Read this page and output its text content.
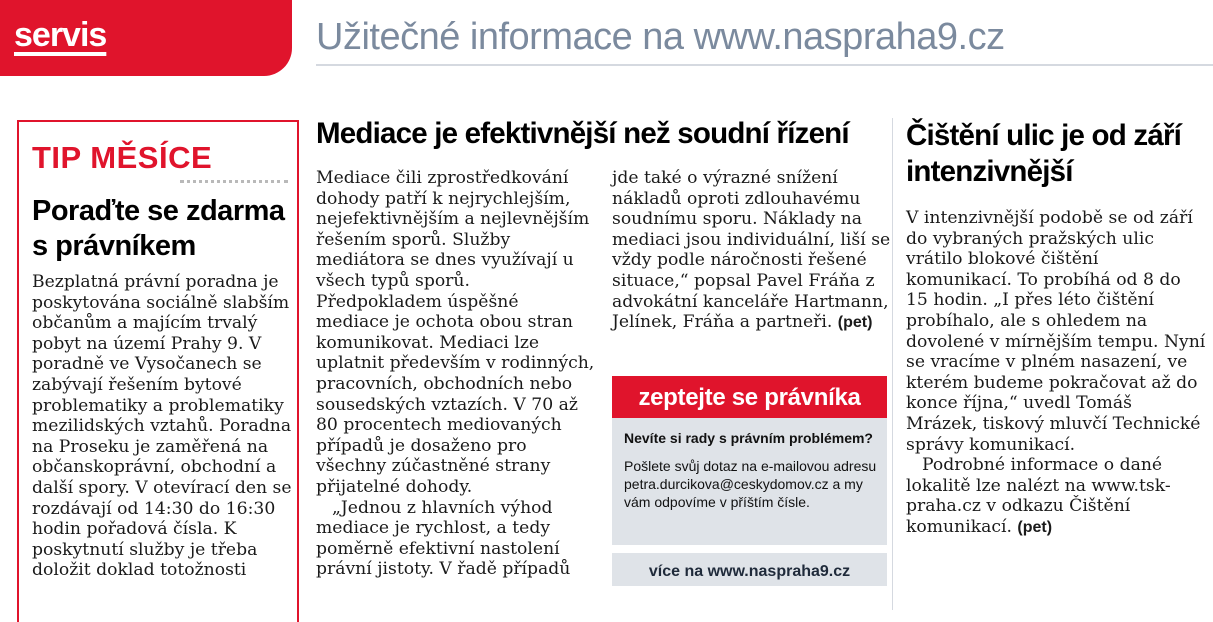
servis	Užitečné informace na www.naspraha9.cz
TIP MĚSÍCE
Poraďte se zdarma s právníkem

Bezplatná právní poradna je poskytována sociálně slabším občanům a majícím trvalý pobyt na území Prahy 9. V poradně ve Vysočanech se zabývají řešením bytové problematiky a problematiky mezilidských vztahů. Poradna na Proseku je zaměřená na občanskoprávní, obchodní a další spory. V otevírací den se rozdávají od 14:30 do 16:30 hodin pořadová čísla. K poskytnutí služby je třeba doložit doklad totožnosti

Mediace je efektivnější než soudní řízení

Mediace čili zprostředkování dohody patří k nejrychlejším, nejefektivnějším a nejlevnějším řešením sporů. Služby mediátora se dnes využívají u všech typů sporů. Předpokladem úspěšné mediace je ochota obou stran komunikovat. Mediaci lze uplatnit především v rodinných, pracovních, obchodních nebo sousedských vztazích. V 70 až 80 procentech mediovaných případů je dosaženo pro všechny zúčastněné strany přijatelné dohody.

„Jednou z hlavních výhod mediace je rychlost, a tedy poměrně efektivní nastolení právní jistoty. V řadě případů

jde také o výrazné snížení nákladů oproti zdlouhavému soudnímu sporu. Náklady na mediaci jsou individuální, liší se vždy podle náročnosti řešené situace,“ popsal Pavel Fráňa z advokátní kanceláře Hartmann, Jelínek, Fráňa a partneři. (pet)
zeptejte se právníka
Nevíte si rady s právním problémem?

Pošlete svůj dotaz na e-mailovou adresu petra.durcikova@ceskydomov.cz a my vám odpovíme v příštím čísle.

více na www.naspraha9.cz
Čištění ulic je od září intenzivnější

V intenzivnější podobě se od září do vybraných pražských ulic vrátilo blokové čištění komunikací. To probíhá od 8 do 15 hodin. „I přes léto čištění probíhalo, ale s ohledem na dovolené v mírnějším tempu. Nyní se vracíme v plném nasazení, ve kterém budeme pokračovat až do konce října,“ uvedl Tomáš Mrázek, tiskový mluvčí Technické správy komunikací.

Podrobné informace o dané lokalitě lze nalézt na www.tsk-praha.cz v odkazu Čištění komunikací. (pet)
